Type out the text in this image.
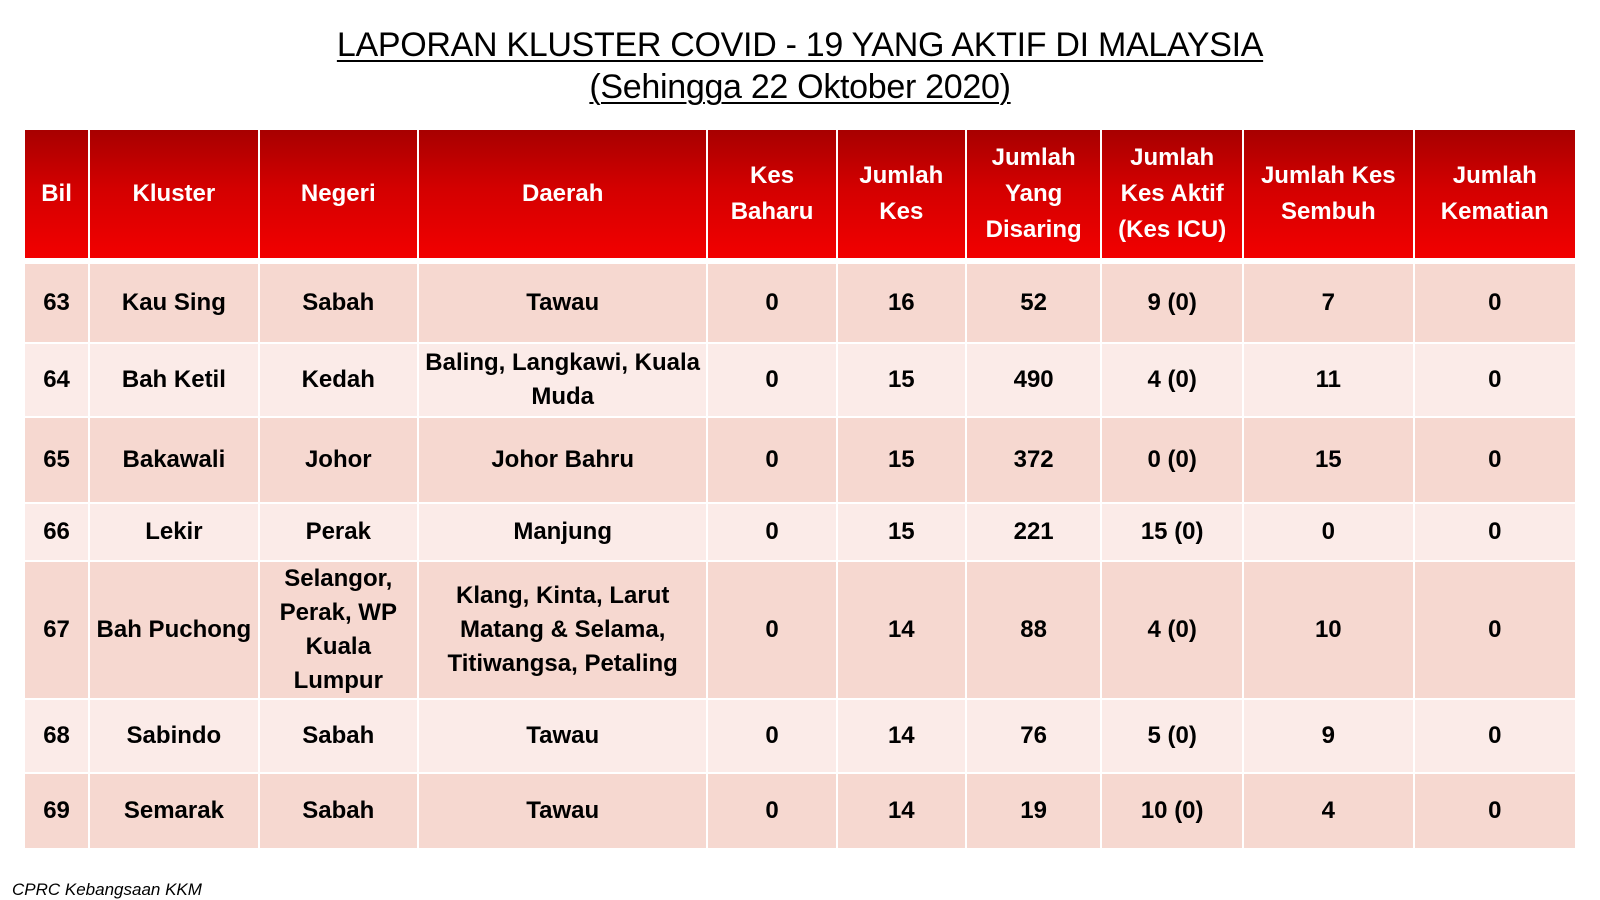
LAPORAN KLUSTER COVID - 19 YANG AKTIF DI MALAYSIA
(Sehingga 22 Oktober 2020)
Bil	Kluster	Negeri	Daerah	Kes Baharu	Jumlah Kes	Jumlah Yang Disaring	Jumlah Kes Aktif (Kes ICU)	Jumlah Kes Sembuh	Jumlah Kematian

63	Kau Sing	Sabah	Tawau	0	16	52	9 (0)	7	0
64	Bah Ketil	Kedah	Baling, Langkawi, Kuala Muda	0	15	490	4 (0)	11	0
65	Bakawali	Johor	Johor Bahru	0	15	372	0 (0)	15	0
66	Lekir	Perak	Manjung	0	15	221	15 (0)	0	0
67	Bah Puchong	Selangor, Perak, WP Kuala Lumpur	Klang, Kinta, Larut Matang & Selama, Titiwangsa, Petaling	0	14	88	4 (0)	10	0
68	Sabindo	Sabah	Tawau	0	14	76	5 (0)	9	0
69	Semarak	Sabah	Tawau	0	14	19	10 (0)	4	0
CPRC Kebangsaan KKM
